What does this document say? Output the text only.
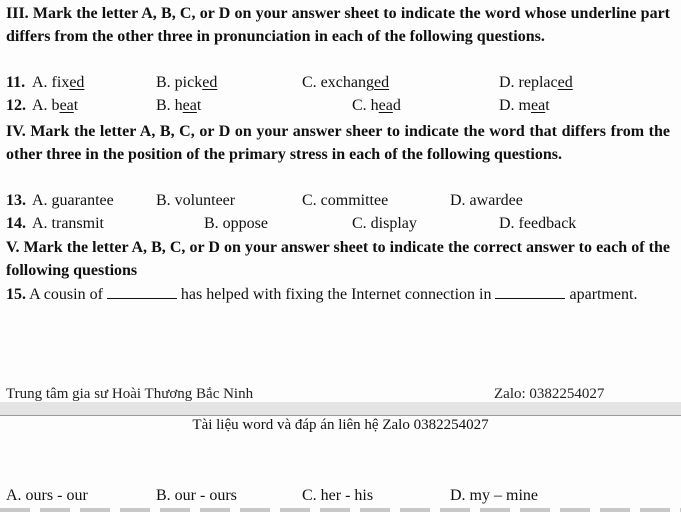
III. Mark the letter A, B, C, or D on your answer sheet to indicate the word whose underline part differs from the other three in pronunciation in each of the following questions.
11. A. fixed	B. picked	C. exchanged	D. replaced
12. A. beat	B. heat	C. head	D. meat
IV. Mark the letter A, B, C, or D on your answer sheer to indicate the word that differs from the other three in the position of the primary stress in each of the following questions.
13. A. guarantee	B. volunteer	C. committee	D. awardee
14. A. transmit	B. oppose	C. display	D. feedback
V. Mark the letter A, B, C, or D on your answer sheet to indicate the correct answer to each of the following questions
15. A cousin of	has helped with fixing the Internet connection in	apartment.
Trung tâm gia sư Hoài Thương Bắc Ninh	Zalo: 0382254027
Tài liệu word và đáp án liên hệ Zalo 0382254027
A. ours - our	B. our - ours	C. her - his	D. my – mine
